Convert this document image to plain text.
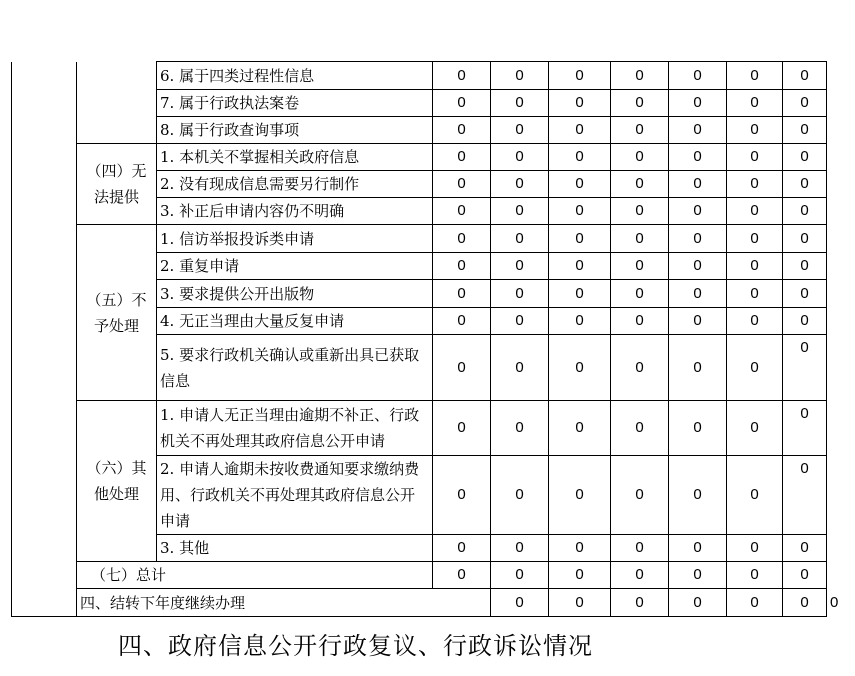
		6. 属于四类过程性信息	0	0	0	0	0	0	0	
		7. 属于行政执法案卷	0	0	0	0	0	0	0	
		8. 属于行政查询事项	0	0	0	0	0	0	0	
	（四）无法提供	1. 本机关不掌握相关政府信息	0	0	0	0	0	0	0	
		2. 没有现成信息需要另行制作	0	0	0	0	0	0	0	
		3. 补正后申请内容仍不明确	0	0	0	0	0	0	0	
	（五）不予处理	1. 信访举报投诉类申请	0	0	0	0	0	0	0	
		2. 重复申请	0	0	0	0	0	0	0	
		3. 要求提供公开出版物	0	0	0	0	0	0	0	
		4. 无正当理由大量反复申请	0	0	0	0	0	0	0	
		5. 要求行政机关确认或重新出具已获取信息	0	0	0	0	0	0	0	
	（六）其他处理	1. 申请人无正当理由逾期不补正、行政机关不再处理其政府信息公开申请	0	0	0	0	0	0	0	
		2. 申请人逾期未按收费通知要求缴纳费用、行政机关不再处理其政府信息公开申请	0	0	0	0	0	0	0	
		3. 其他	0	0	0	0	0	0	0	
	（七）总计		0	0	0	0	0	0	0	
	四、结转下年度继续办理			0	0	0	0	0	0	0
四、政府信息公开行政复议、行政诉讼情况
